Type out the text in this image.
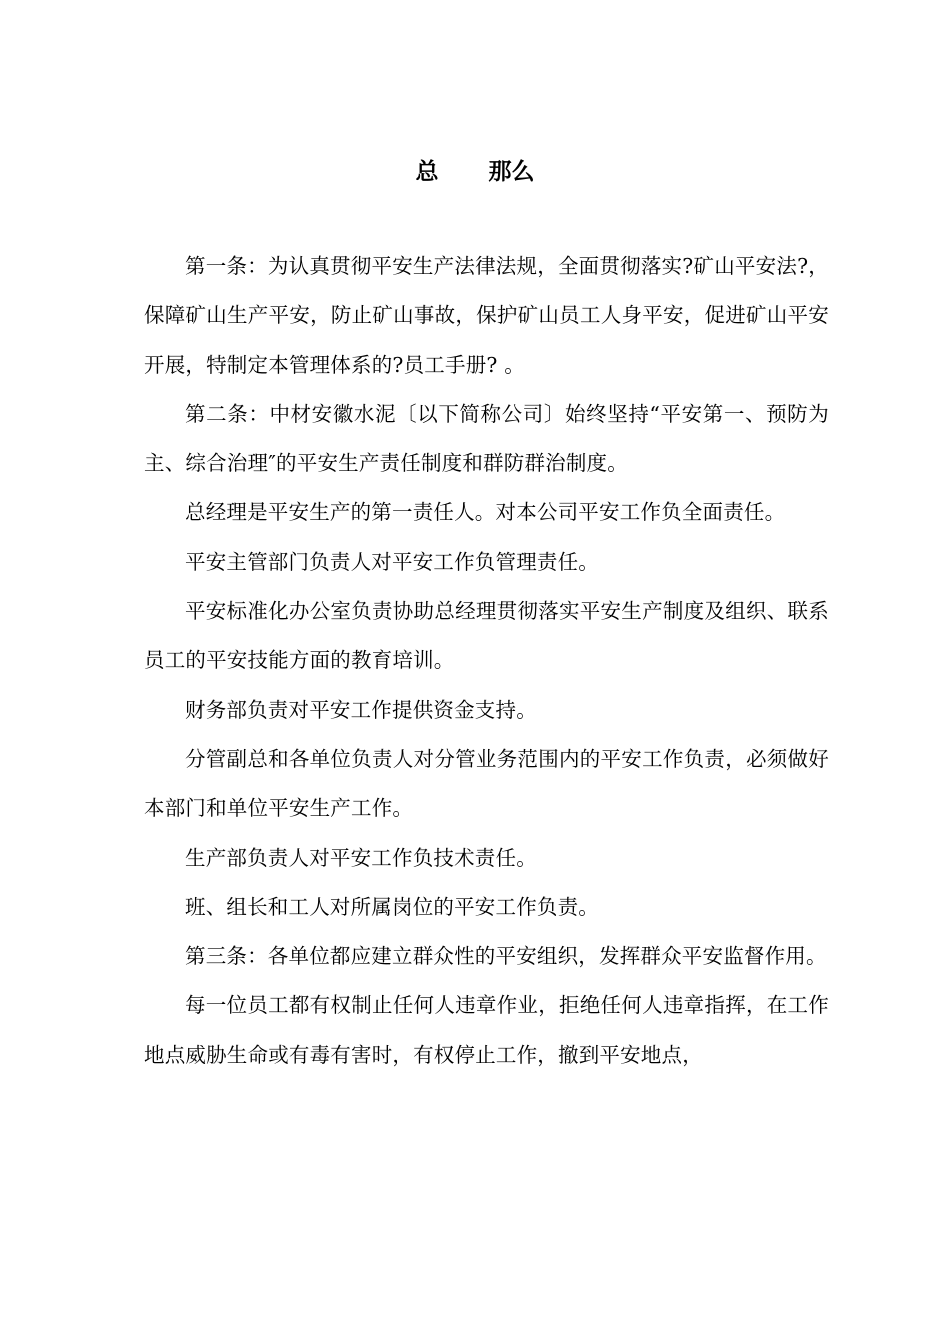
总 那么

第一条：为认真贯彻平安生产法律法规，全面贯彻落实?矿山平安法?，保障矿山生产平安，防止矿山事故，保护矿山员工人身平安，促进矿山平安开展，特制定本管理体系的?员工手册? 。

第二条：中材安徽水泥〔以下简称公司〕始终坚持“平安第一、预防为主、综合治理″的平安生产责任制度和群防群治制度。

总经理是平安生产的第一责任人。对本公司平安工作负全面责任。

平安主管部门负责人对平安工作负管理责任。

平安标准化办公室负责协助总经理贯彻落实平安生产制度及组织、联系员工的平安技能方面的教育培训。

财务部负责对平安工作提供资金支持。

分管副总和各单位负责人对分管业务范围内的平安工作负责，必须做好本部门和单位平安生产工作。

生产部负责人对平安工作负技术责任。

班、组长和工人对所属岗位的平安工作负责。

第三条：各单位都应建立群众性的平安组织，发挥群众平安监督作用。

每一位员工都有权制止任何人违章作业，拒绝任何人违章指挥，在工作地点威胁生命或有毒有害时，有权停止工作，撤到平安地点，
